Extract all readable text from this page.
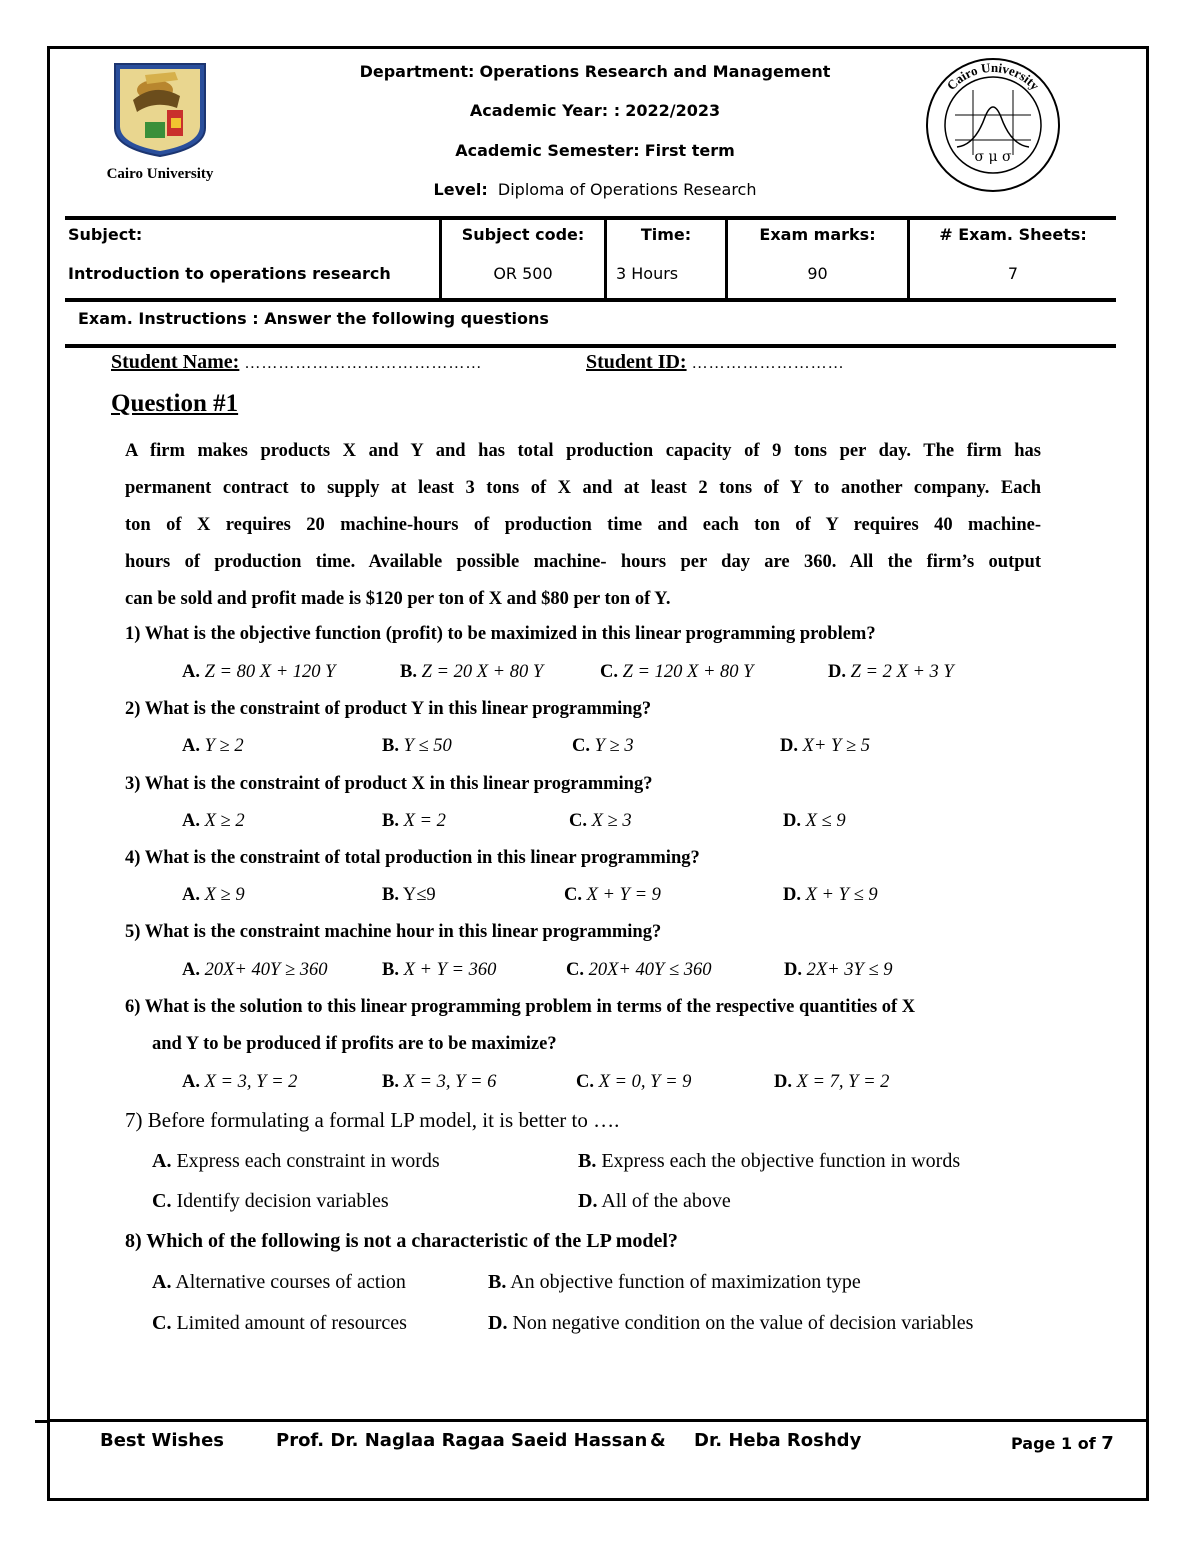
Cairo University
Department: Operations Research and Management
Academic Year: : 2022/2023
Academic Semester: First term
Level: Diploma of Operations Research
Cairo University
σ μ σ
Subject:
Introduction to operations research
Subject code:
OR 500
Time:
3 Hours
Exam marks:
90
# Exam. Sheets:
7
Exam. Instructions : Answer the following questions
Student Name: ……………………………………	Student ID: ………………………
Question #1
A firm makes products X and Y and has total production capacity of 9 tons per day. The firm has
permanent contract to supply at least 3 tons of X and at least 2 tons of Y to another company. Each
ton of X requires 20 machine-hours of production time and each ton of Y requires 40 machine-
hours of production time. Available possible machine- hours per day are 360. All the firm’s output
can be sold and profit made is $120 per ton of X and $80 per ton of Y.
1) What is the objective function (profit) to be maximized in this linear programming problem?
A. Z = 80 X + 120 Y	B. Z = 20 X + 80 Y	C. Z = 120 X + 80 Y	D. Z = 2 X + 3 Y
2) What is the constraint of product Y in this linear programming?
A. Y ≥ 2	B. Y ≤ 50	C. Y ≥ 3	D. X+ Y ≥ 5
3) What is the constraint of product X in this linear programming?
A. X ≥ 2	B. X = 2	C. X ≥ 3	D. X ≤ 9
4) What is the constraint of total production in this linear programming?
A. X ≥ 9	B. Y≤9	C. X + Y = 9	D. X + Y ≤ 9
5) What is the constraint machine hour in this linear programming?
A. 20X+ 40Y ≥ 360	B. X + Y = 360	C. 20X+ 40Y ≤ 360	D. 2X+ 3Y ≤ 9
6) What is the solution to this linear programming problem in terms of the respective quantities of X
and Y to be produced if profits are to be maximize?
A. X = 3, Y = 2	B. X = 3, Y = 6	C. X = 0, Y = 9	D. X = 7, Y = 2
7) Before formulating a formal LP model, it is better to ….
A. Express each constraint in words	B. Express each the objective function in words
C. Identify decision variables	D. All of the above
8) Which of the following is not a characteristic of the LP model?
A. Alternative courses of action	B. An objective function of maximization type
C. Limited amount of resources	D. Non negative condition on the value of decision variables
Best Wishes	Prof. Dr. Naglaa Ragaa Saeid Hassan & Dr. Heba Roshdy	Page 1 of 7
